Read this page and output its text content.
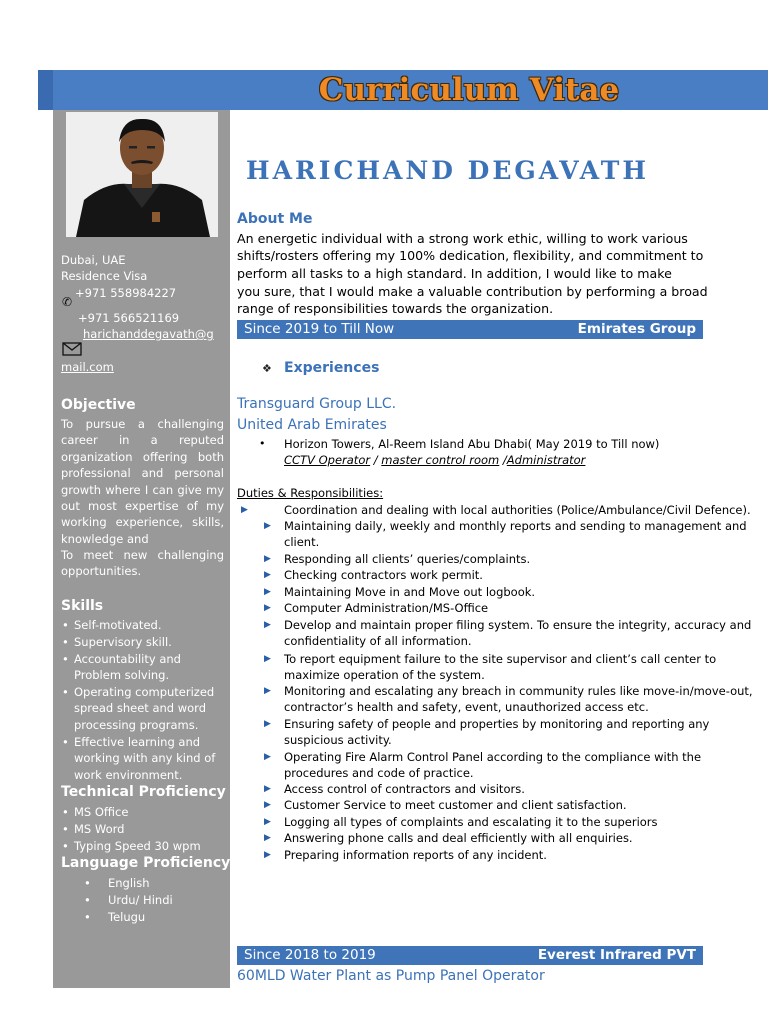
Curriculum Vitae
Dubai, UAE
Residence Visa
✆
+971 558984227
+971 566521169
harichanddegavath@g
mail.com
Objective
To pursue a challenging career in a reputed organization offering both professional and personal growth where I can give my out most expertise of my working experience, skills, knowledge and
To meet new challenging opportunities.
Skills
• Self-motivated.
• Supervisory skill.
• Accountability and Problem solving.
• Operating computerized spread sheet and word processing programs.
• Effective learning and working with any kind of work environment.
Technical Proficiency
• MS Office
• MS Word
• Typing Speed 30 wpm
Language Proficiency
• English
• Urdu/ Hindi
• Telugu
HARICHAND DEGAVATH
About Me
An energetic individual with a strong work ethic, willing to work various
shifts/rosters offering my 100% dedication, flexibility, and commitment to
perform all tasks to a high standard. In addition, I would like to make
you sure, that I would make a valuable contribution by performing a broad
range of responsibilities towards the organization.
Since 2019 to Till Now	Emirates Group
❖ Experiences
Transguard Group LLC.
United Arab Emirates
• Horizon Towers, Al-Reem Island Abu Dhabi( May 2019 to Till now)
CCTV Operator / master control room /Administrator
Duties & Responsibilities:
▶	Coordination and dealing with local authorities (Police/Ambulance/Civil Defence).
▶ Maintaining daily, weekly and monthly reports and sending to management and client.
▶ Responding all clients’ queries/complaints.
▶ Checking contractors work permit.
▶ Maintaining Move in and Move out logbook.
▶ Computer Administration/MS-Office
▶ Develop and maintain proper filing system. To ensure the integrity, accuracy and confidentiality of all information.
▶ To report equipment failure to the site supervisor and client’s call center to maximize operation of the system.
▶ Monitoring and escalating any breach in community rules like move-in/move-out, contractor’s health and safety, event, unauthorized access etc.
▶ Ensuring safety of people and properties by monitoring and reporting any suspicious activity.
▶ Operating Fire Alarm Control Panel according to the compliance with the procedures and code of practice.
▶ Access control of contractors and visitors.
▶ Customer Service to meet customer and client satisfaction.
▶ Logging all types of complaints and escalating it to the superiors
▶ Answering phone calls and deal efficiently with all enquiries.
▶ Preparing information reports of any incident.
Since 2018 to 2019	Everest Infrared PVT
60MLD Water Plant as Pump Panel Operator
